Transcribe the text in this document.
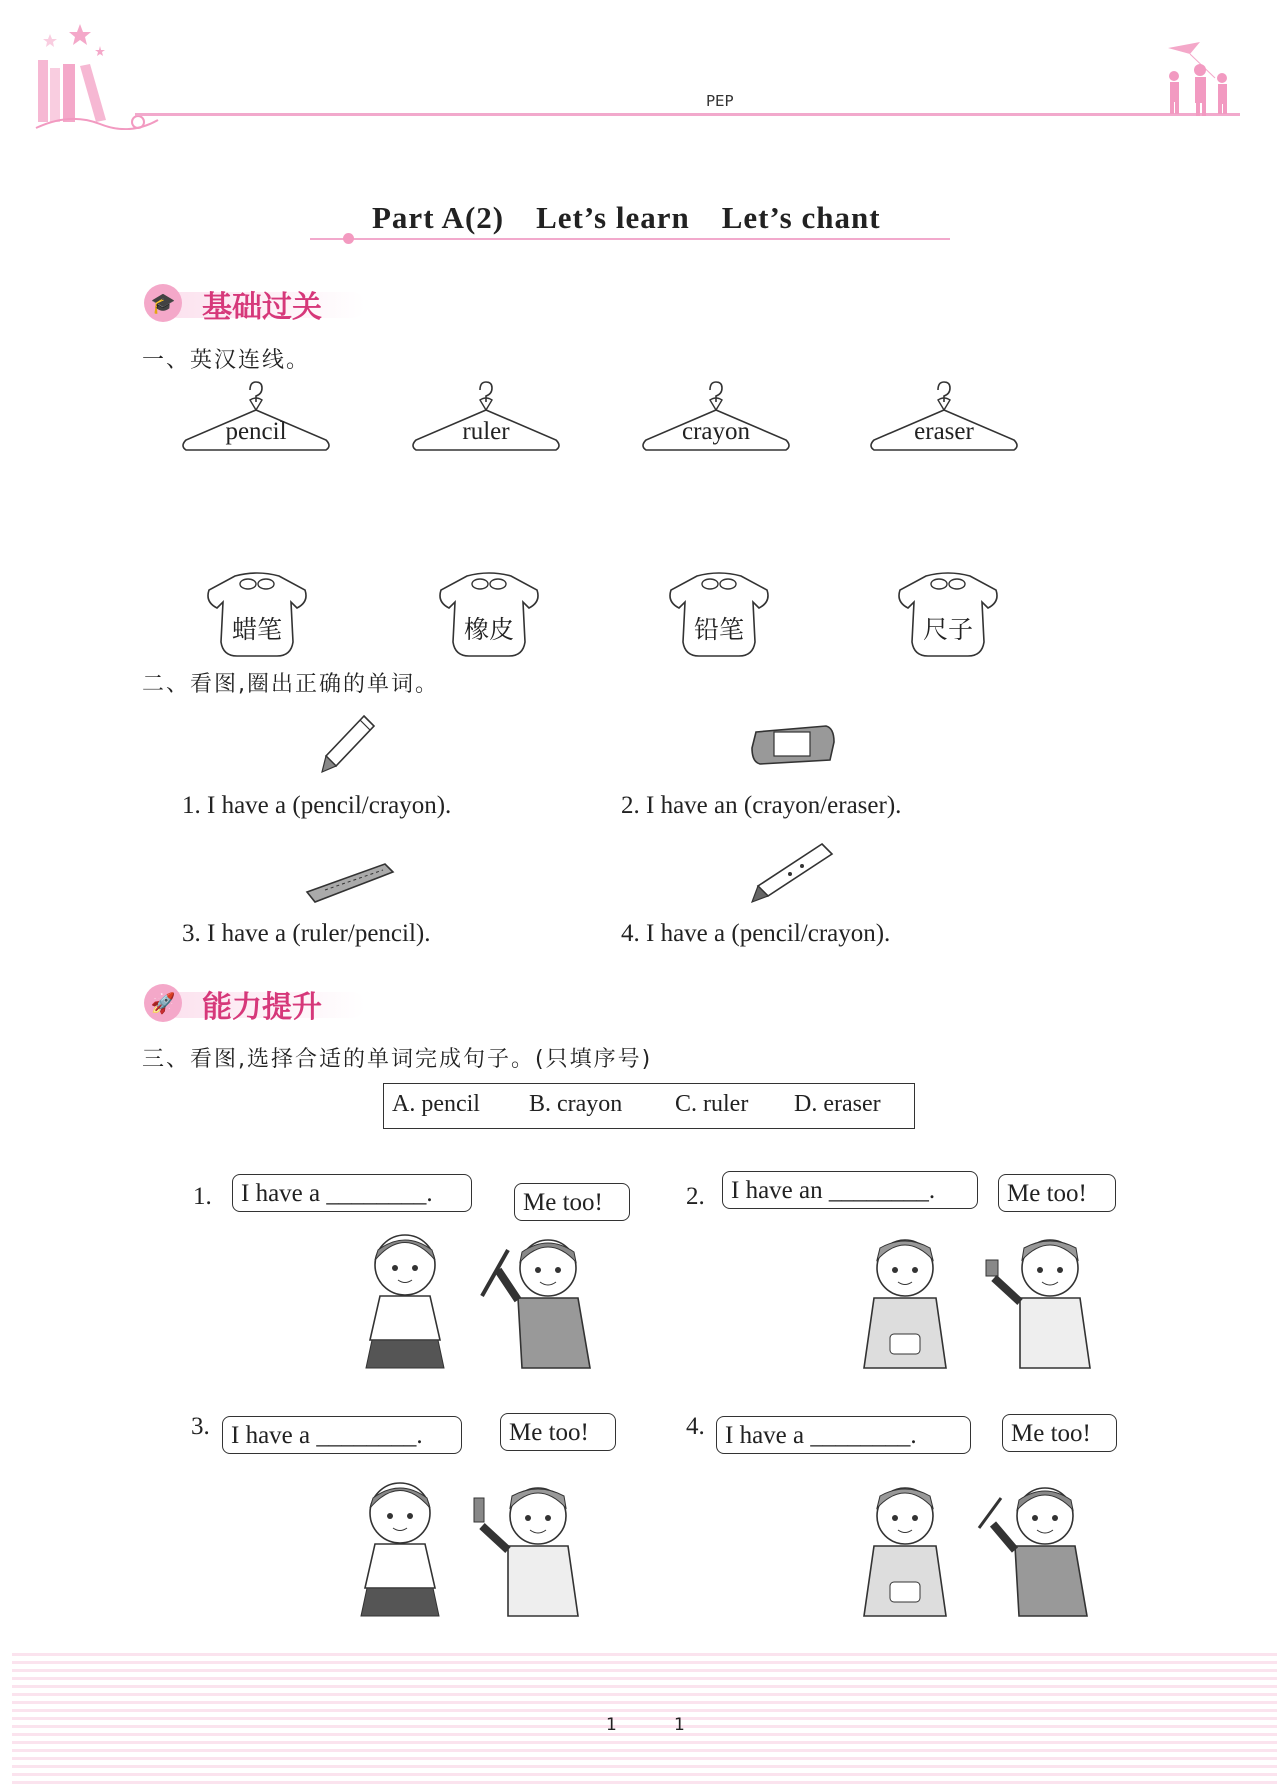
PEP
Part A(2) Let’s learn Let’s chant
🎓 基础过关
一、英汉连线。
pencil	ruler	crayon	eraser
蜡笔	橡皮	铅笔	尺子
二、看图,圈出正确的单词。
1. I have a (pencil/crayon).	2. I have an (crayon/eraser).
3. I have a (ruler/pencil).	4. I have a (pencil/crayon).
🚀 能力提升
三、看图,选择合适的单词完成句子。(只填序号)
A. pencil B. crayon C. ruler D. eraser
1.	I have a ________.	Me too!	2.	I have an ________.	Me too!
3. I have a ________.	Me too!	4. I have a ________.	Me too!
1	1
